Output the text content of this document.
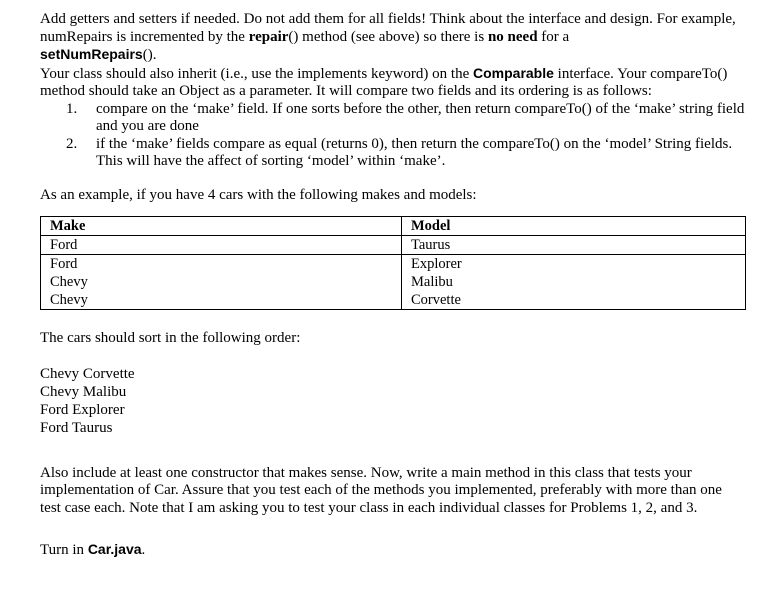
Add getters and setters if needed. Do not add them for all fields! Think about the interface and design. For example, numRepairs is incremented by the repair() method (see above) so there is no need for a
setNumRepairs().

Your class should also inherit (i.e., use the implements keyword) on the Comparable interface. Your compareTo() method should take an Object as a parameter. It will compare two fields and its ordering is as follows:

1. compare on the ‘make’ field. If one sorts before the other, then return compareTo() of the ‘make’ string field and you are done
2. if the ‘make’ fields compare as equal (returns 0), then return the compareTo() on the ‘model’ String fields. This will have the affect of sorting ‘model’ within ‘make’.

As an example, if you have 4 cars with the following makes and models:

Make	Model
Ford	Taurus
Ford	Explorer
Chevy	Malibu
Chevy	Corvette

The cars should sort in the following order:

Chevy Corvette

Chevy Malibu

Ford Explorer

Ford Taurus

Also include at least one constructor that makes sense. Now, write a main method in this class that tests your implementation of Car. Assure that you test each of the methods you implemented, preferably with more than one test case each. Note that I am asking you to test your class in each individual classes for Problems 1, 2, and 3.

Turn in Car.java.
